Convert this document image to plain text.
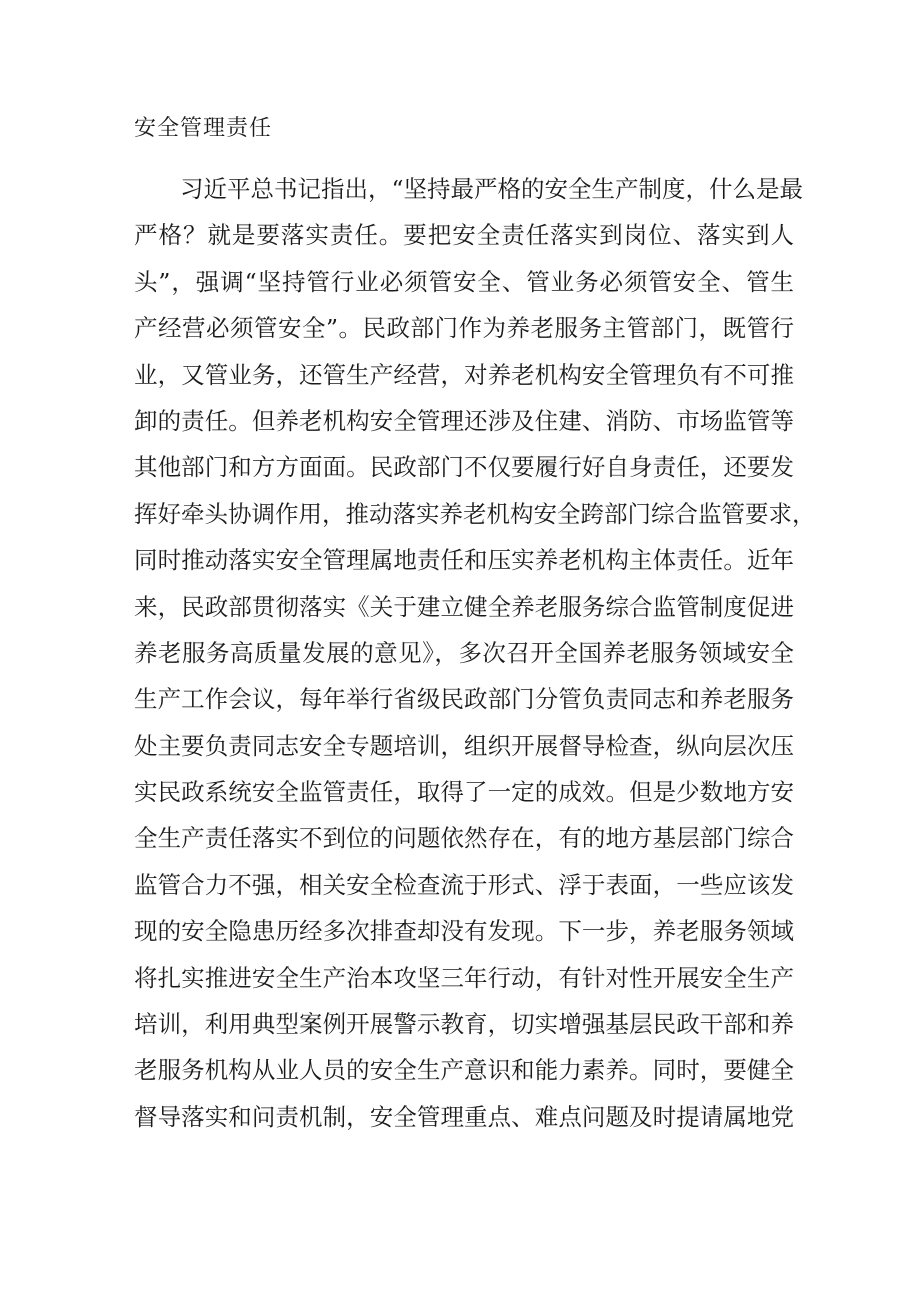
安全管理责任
习近平总书记指出，“坚持最严格的安全生产制度，什么是最
严格？就是要落实责任。要把安全责任落实到岗位、落实到人
头”，强调“坚持管行业必须管安全、管业务必须管安全、管生
产经营必须管安全”。民政部门作为养老服务主管部门，既管行
业，又管业务，还管生产经营，对养老机构安全管理负有不可推
卸的责任。但养老机构安全管理还涉及住建、消防、市场监管等
其他部门和方方面面。民政部门不仅要履行好自身责任，还要发
挥好牵头协调作用，推动落实养老机构安全跨部门综合监管要求，
同时推动落实安全管理属地责任和压实养老机构主体责任。近年
来，民政部贯彻落实《关于建立健全养老服务综合监管制度促进
养老服务高质量发展的意见》，多次召开全国养老服务领域安全
生产工作会议，每年举行省级民政部门分管负责同志和养老服务
处主要负责同志安全专题培训，组织开展督导检查，纵向层次压
实民政系统安全监管责任，取得了一定的成效。但是少数地方安
全生产责任落实不到位的问题依然存在，有的地方基层部门综合
监管合力不强，相关安全检查流于形式、浮于表面，一些应该发
现的安全隐患历经多次排查却没有发现。下一步，养老服务领域
将扎实推进安全生产治本攻坚三年行动，有针对性开展安全生产
培训，利用典型案例开展警示教育，切实增强基层民政干部和养
老服务机构从业人员的安全生产意识和能力素养。同时，要健全
督导落实和问责机制，安全管理重点、难点问题及时提请属地党
